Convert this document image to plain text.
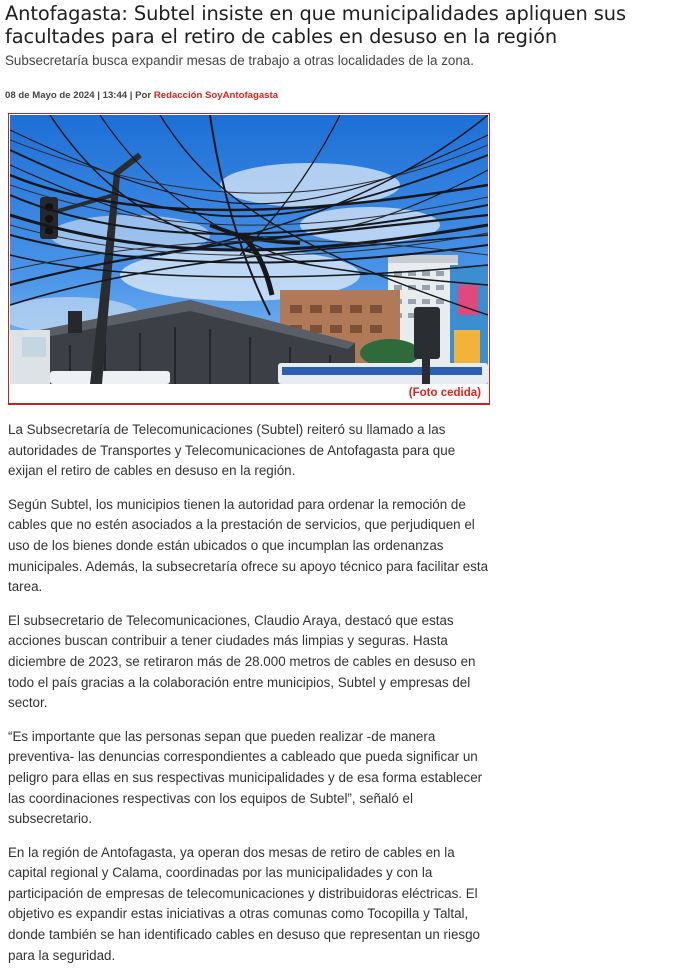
Antofagasta: Subtel insiste en que municipalidades apliquen sus facultades para el retiro de cables en desuso en la región

Subsecretaría busca expandir mesas de trabajo a otras localidades de la zona.

08 de Mayo de 2024 | 13:44 | Por Redacción SoyAntofagasta
(Foto cedida)

La Subsecretaría de Telecomunicaciones (Subtel) reiteró su llamado a las autoridades de Transportes y Telecomunicaciones de Antofagasta para que exijan el retiro de cables en desuso en la región.

Según Subtel, los municipios tienen la autoridad para ordenar la remoción de cables que no estén asociados a la prestación de servicios, que perjudiquen el uso de los bienes donde están ubicados o que incumplan las ordenanzas municipales. Además, la subsecretaría ofrece su apoyo técnico para facilitar esta tarea.

El subsecretario de Telecomunicaciones, Claudio Araya, destacó que estas acciones buscan contribuir a tener ciudades más limpias y seguras. Hasta diciembre de 2023, se retiraron más de 28.000 metros de cables en desuso en todo el país gracias a la colaboración entre municipios, Subtel y empresas del sector.

“Es importante que las personas sepan que pueden realizar -de manera preventiva- las denuncias correspondientes a cableado que pueda significar un peligro para ellas en sus respectivas municipalidades y de esa forma establecer las coordinaciones respectivas con los equipos de Subtel”, señaló el subsecretario.

En la región de Antofagasta, ya operan dos mesas de retiro de cables en la capital regional y Calama, coordinadas por las municipalidades y con la participación de empresas de telecomunicaciones y distribuidoras eléctricas. El objetivo es expandir estas iniciativas a otras comunas como Tocopilla y Taltal, donde también se han identificado cables en desuso que representan un riesgo para la seguridad.
